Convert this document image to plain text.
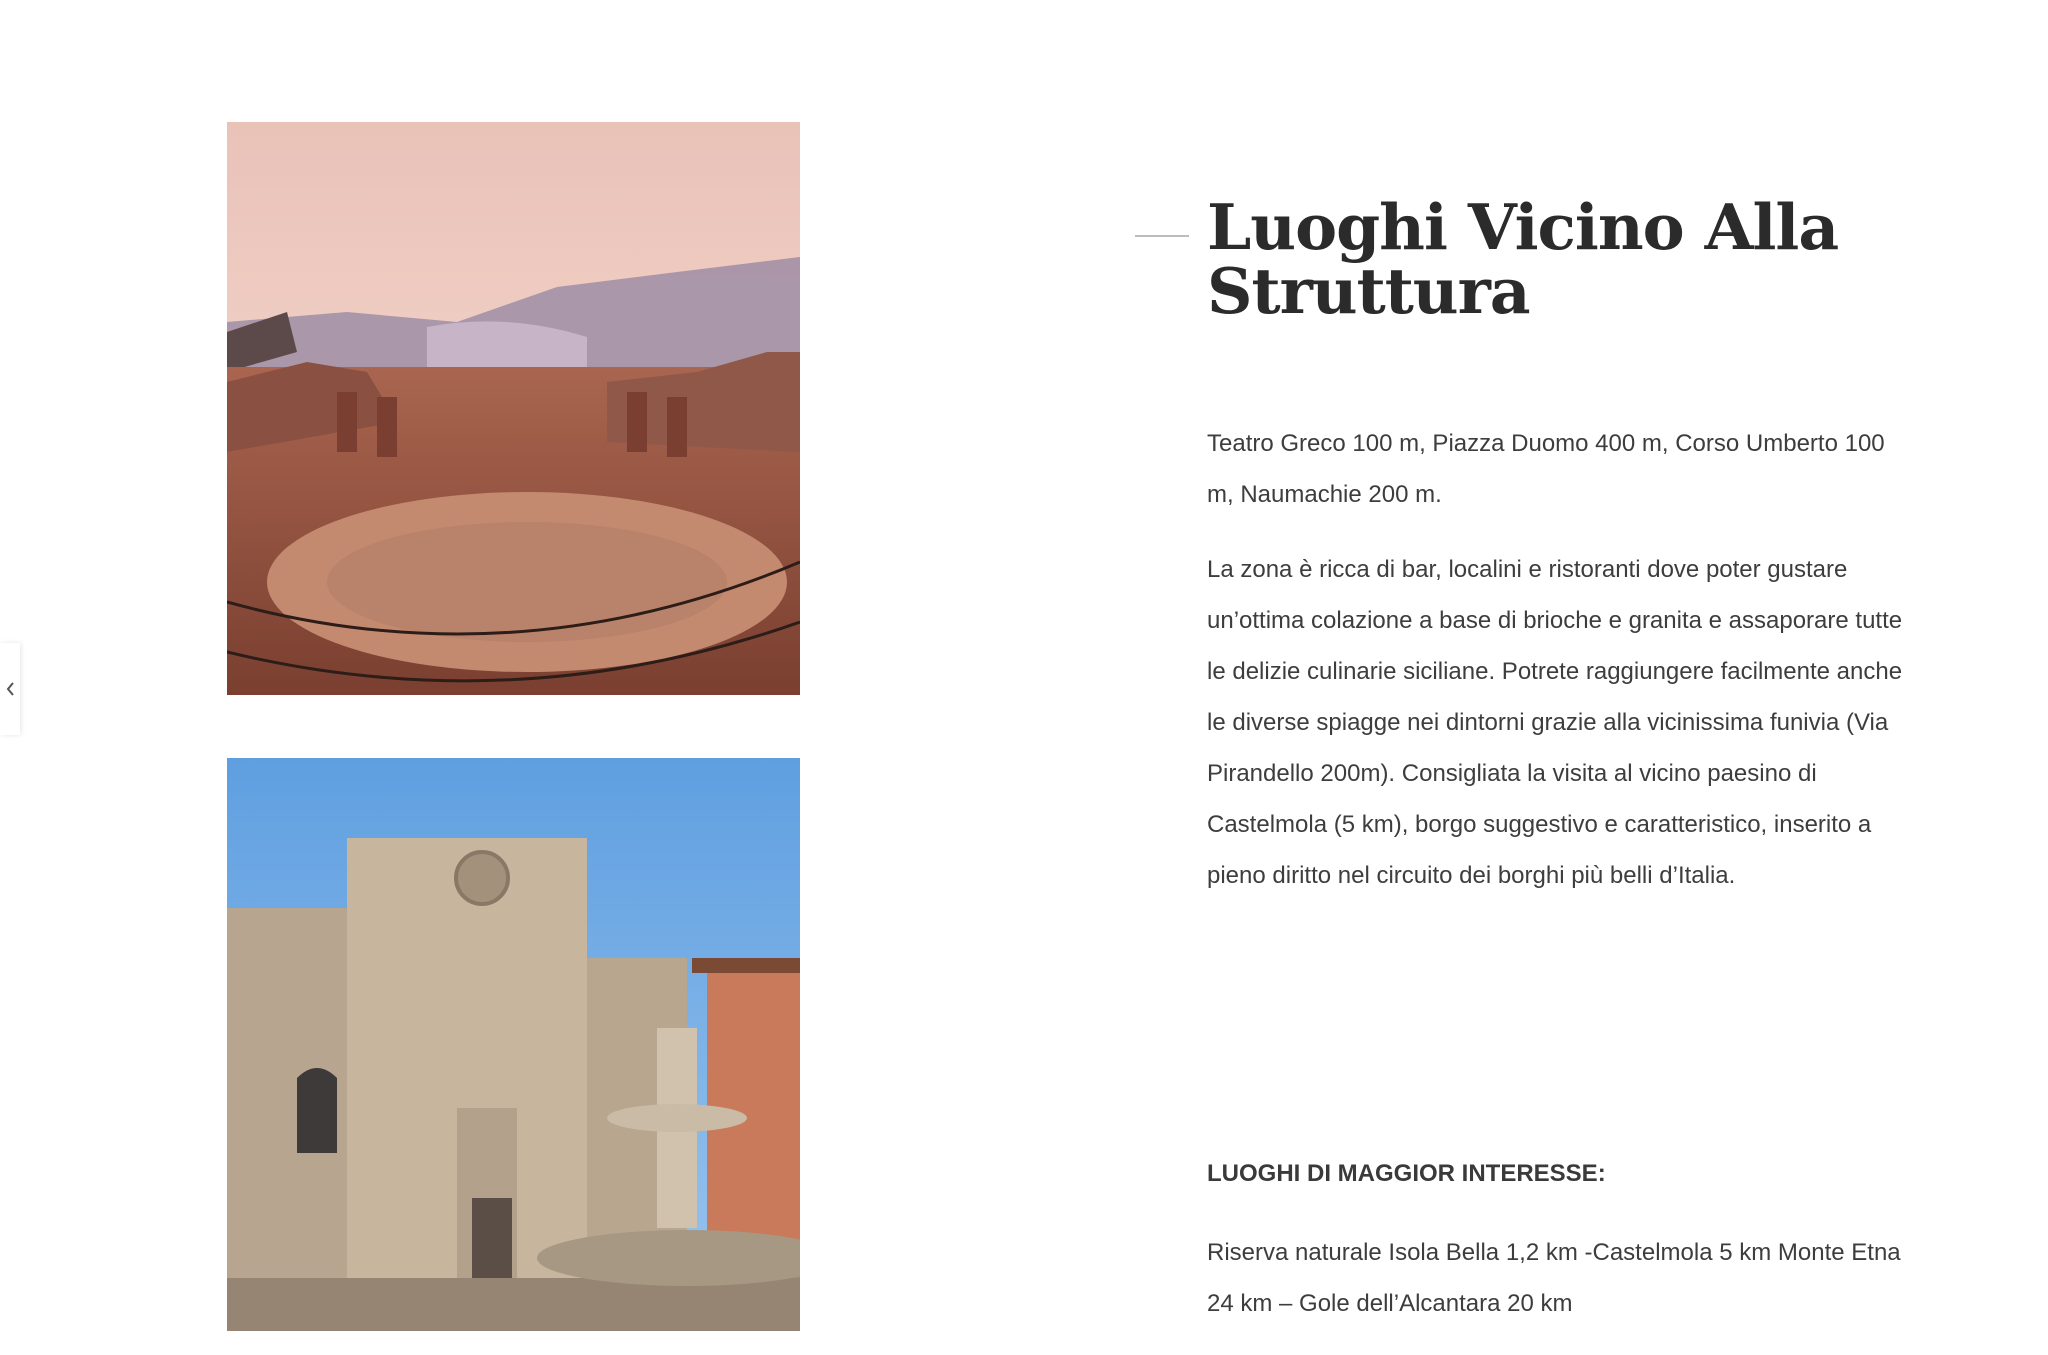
Luoghi Vicino Alla Struttura

Teatro Greco 100 m, Piazza Duomo 400 m, Corso Umberto 100 m, Naumachie 200 m.

La zona è ricca di bar, localini e ristoranti dove poter gustare un’ottima colazione a base di brioche e granita e assaporare tutte le delizie culinarie siciliane. Potrete raggiungere facilmente anche le diverse spiagge nei dintorni grazie alla vicinissima funivia (Via Pirandello 200m). Consigliata la visita al vicino paesino di Castelmola (5 km), borgo suggestivo e caratteristico, inserito a pieno diritto nel circuito dei borghi più belli d’Italia.

LUOGHI DI MAGGIOR INTERESSE:

Riserva naturale Isola Bella 1,2 km -Castelmola 5 km Monte Etna 24 km – Gole dell’Alcantara 20 km
